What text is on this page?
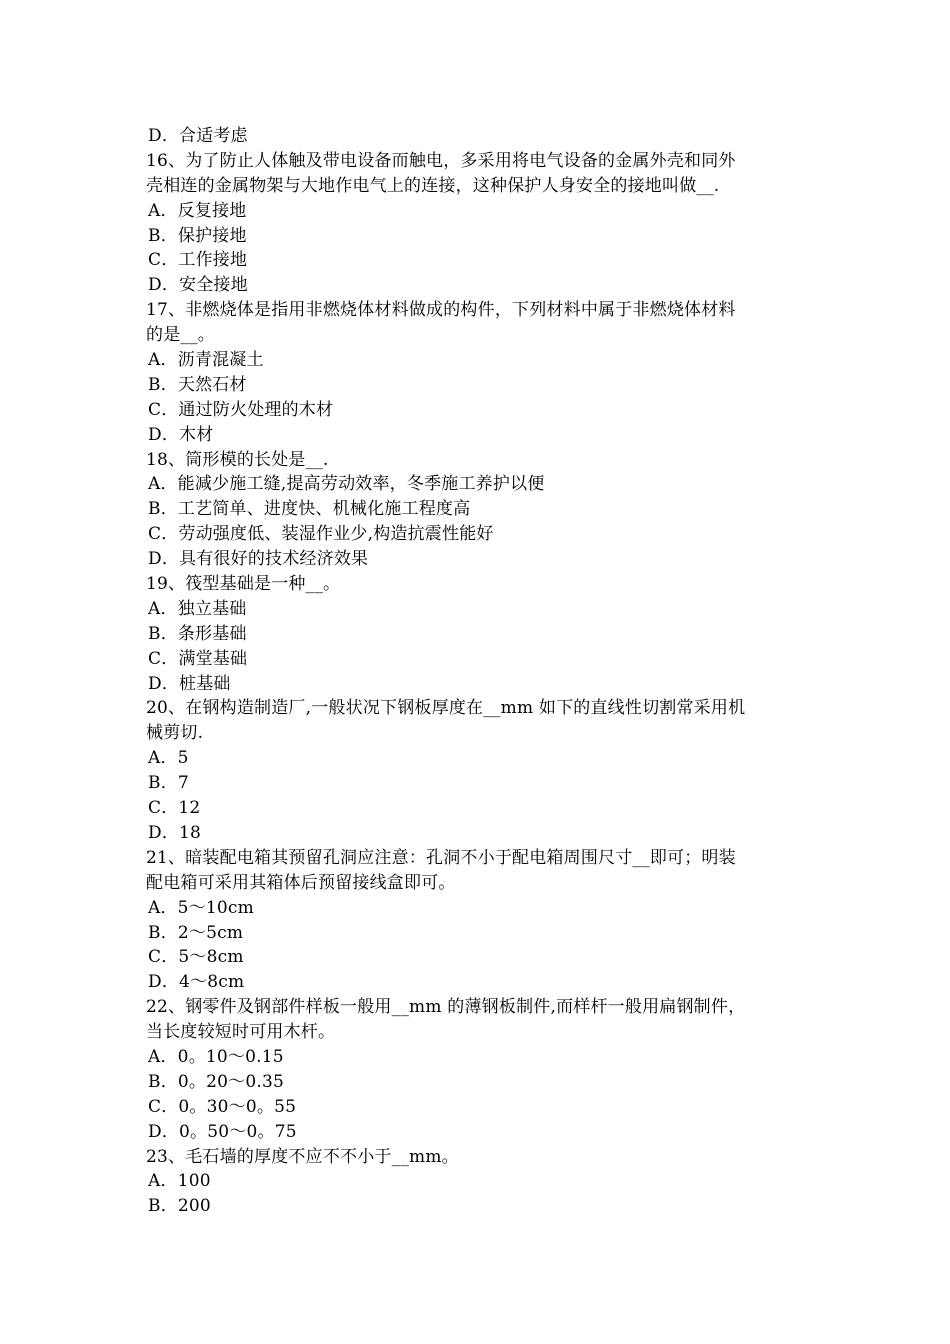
D．合适考虑
16、为了防止人体触及带电设备而触电，多采用将电气设备的金属外壳和同外
壳相连的金属物架与大地作电气上的连接，这种保护人身安全的接地叫做__.
A．反复接地
B．保护接地
C．工作接地
D．安全接地
17、非燃烧体是指用非燃烧体材料做成的构件，下列材料中属于非燃烧体材料
的是__。
A．沥青混凝土
B．天然石材
C．通过防火处理的木材
D．木材
18、筒形模的长处是__.
A．能减少施工缝,提高劳动效率，冬季施工养护以便
B．工艺简单、进度快、机械化施工程度高
C．劳动强度低、装湿作业少,构造抗震性能好
D．具有很好的技术经济效果
19、筏型基础是一种__。
A．独立基础
B．条形基础
C．满堂基础
D．桩基础
20、在钢构造制造厂,一般状况下钢板厚度在__mm 如下的直线性切割常采用机
械剪切.
A．5
B．7
C．12
D．18
21、暗装配电箱其预留孔洞应注意：孔洞不小于配电箱周围尺寸__即可；明装
配电箱可采用其箱体后预留接线盒即可。
A．5～10cm
B．2～5cm
C．5～8cm
D．4～8cm
22、钢零件及钢部件样板一般用__mm 的薄钢板制件,而样杆一般用扁钢制件，
当长度较短时可用木杆。
A．0。10～0.15
B．0。20～0.35
C．0。30～0。55
D．0。50～0。75
23、毛石墙的厚度不应不不小于__mm。
A．100
B．200
